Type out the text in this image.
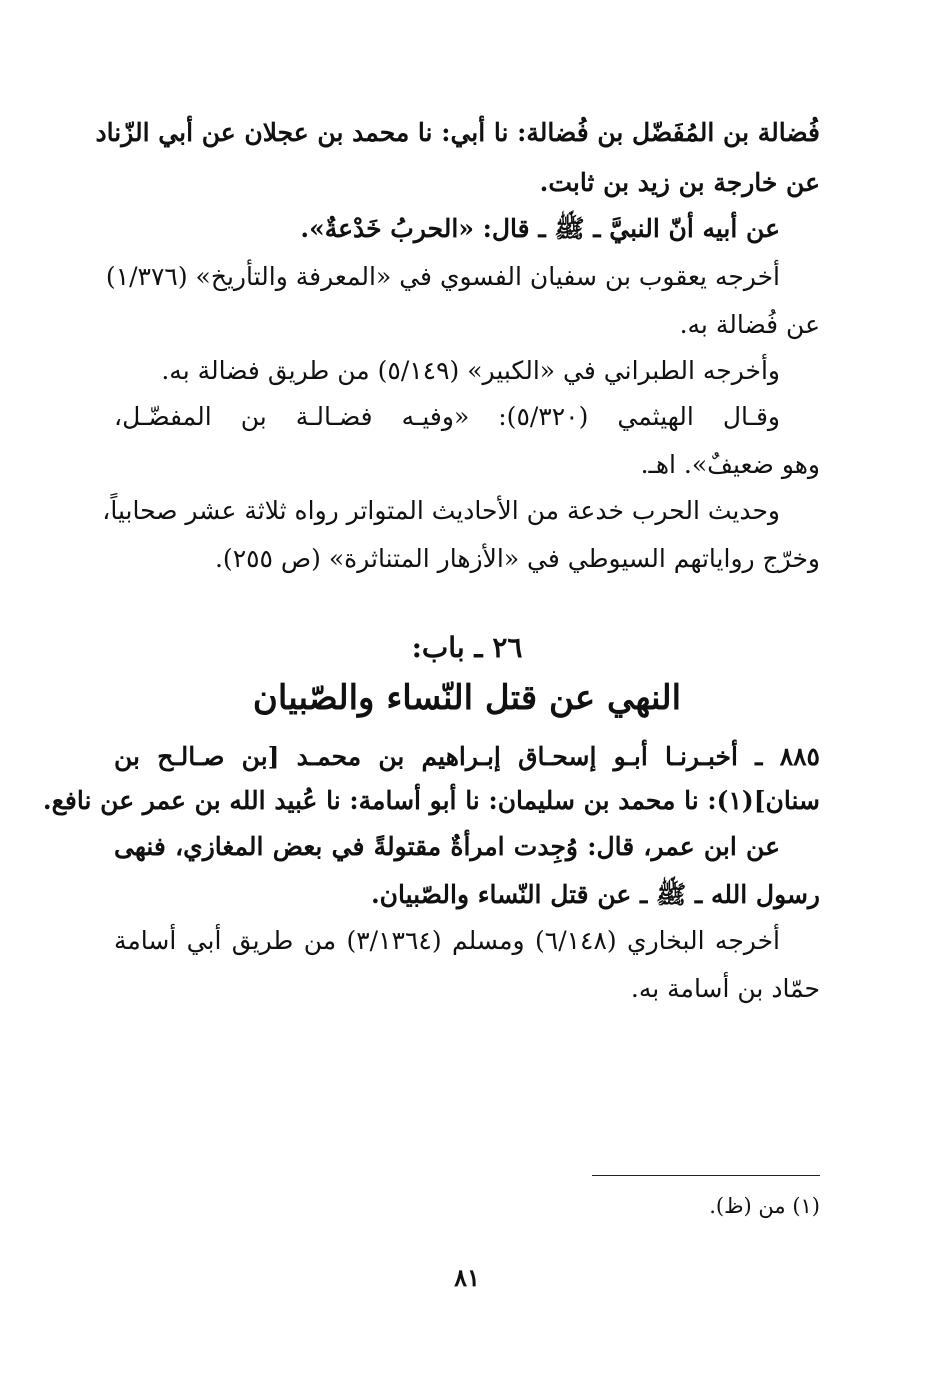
فُضالة بن المُفَضّل بن فُضالة: نا أبي: نا محمد بن عجلان عن أبي الزّناد
عن خارجة بن زيد بن ثابت.
عن أبيه أنّ النبيَّ ـ ﷺ ـ قال: «الحربُ خَدْعةٌ».
أخرجه يعقوب بن سفيان الفسوي في «المعرفة والتأريخ» (١/٣٧٦)
عن فُضالة به.
وأخرجه الطبراني في «الكبير» (٥/١٤٩) من طريق فضالة به.
وقـال الهيثمي (٥/٣٢٠): «وفيـه فضـالـة بن المفضّـل،
وهو ضعيفٌ». اهـ.
وحديث الحرب خدعة من الأحاديث المتواتر رواه ثلاثة عشر صحابياً،
وخرّج رواياتهم السيوطي في «الأزهار المتناثرة» (ص ٢٥٥).
٢٦ ـ باب:
النهي عن قتل النّساء والصّبيان
٨٨٥ ـ أخبـرنـا أبـو إسحـاق إبـراهيم بن محمـد [بن صـالـح بن
سنان](١): نا محمد بن سليمان: نا أبو أسامة: نا عُبيد الله بن عمر عن نافع.
عن ابن عمر، قال: وُجِدت امرأةٌ مقتولةً في بعض المغازي، فنهى
رسول الله ـ ﷺ ـ عن قتل النّساء والصّبيان.
أخرجه البخاري (٦/١٤٨) ومسلم (٣/١٣٦٤) من طريق أبي أسامة
حمّاد بن أسامة به.
(١) من (ظ).
٨١
